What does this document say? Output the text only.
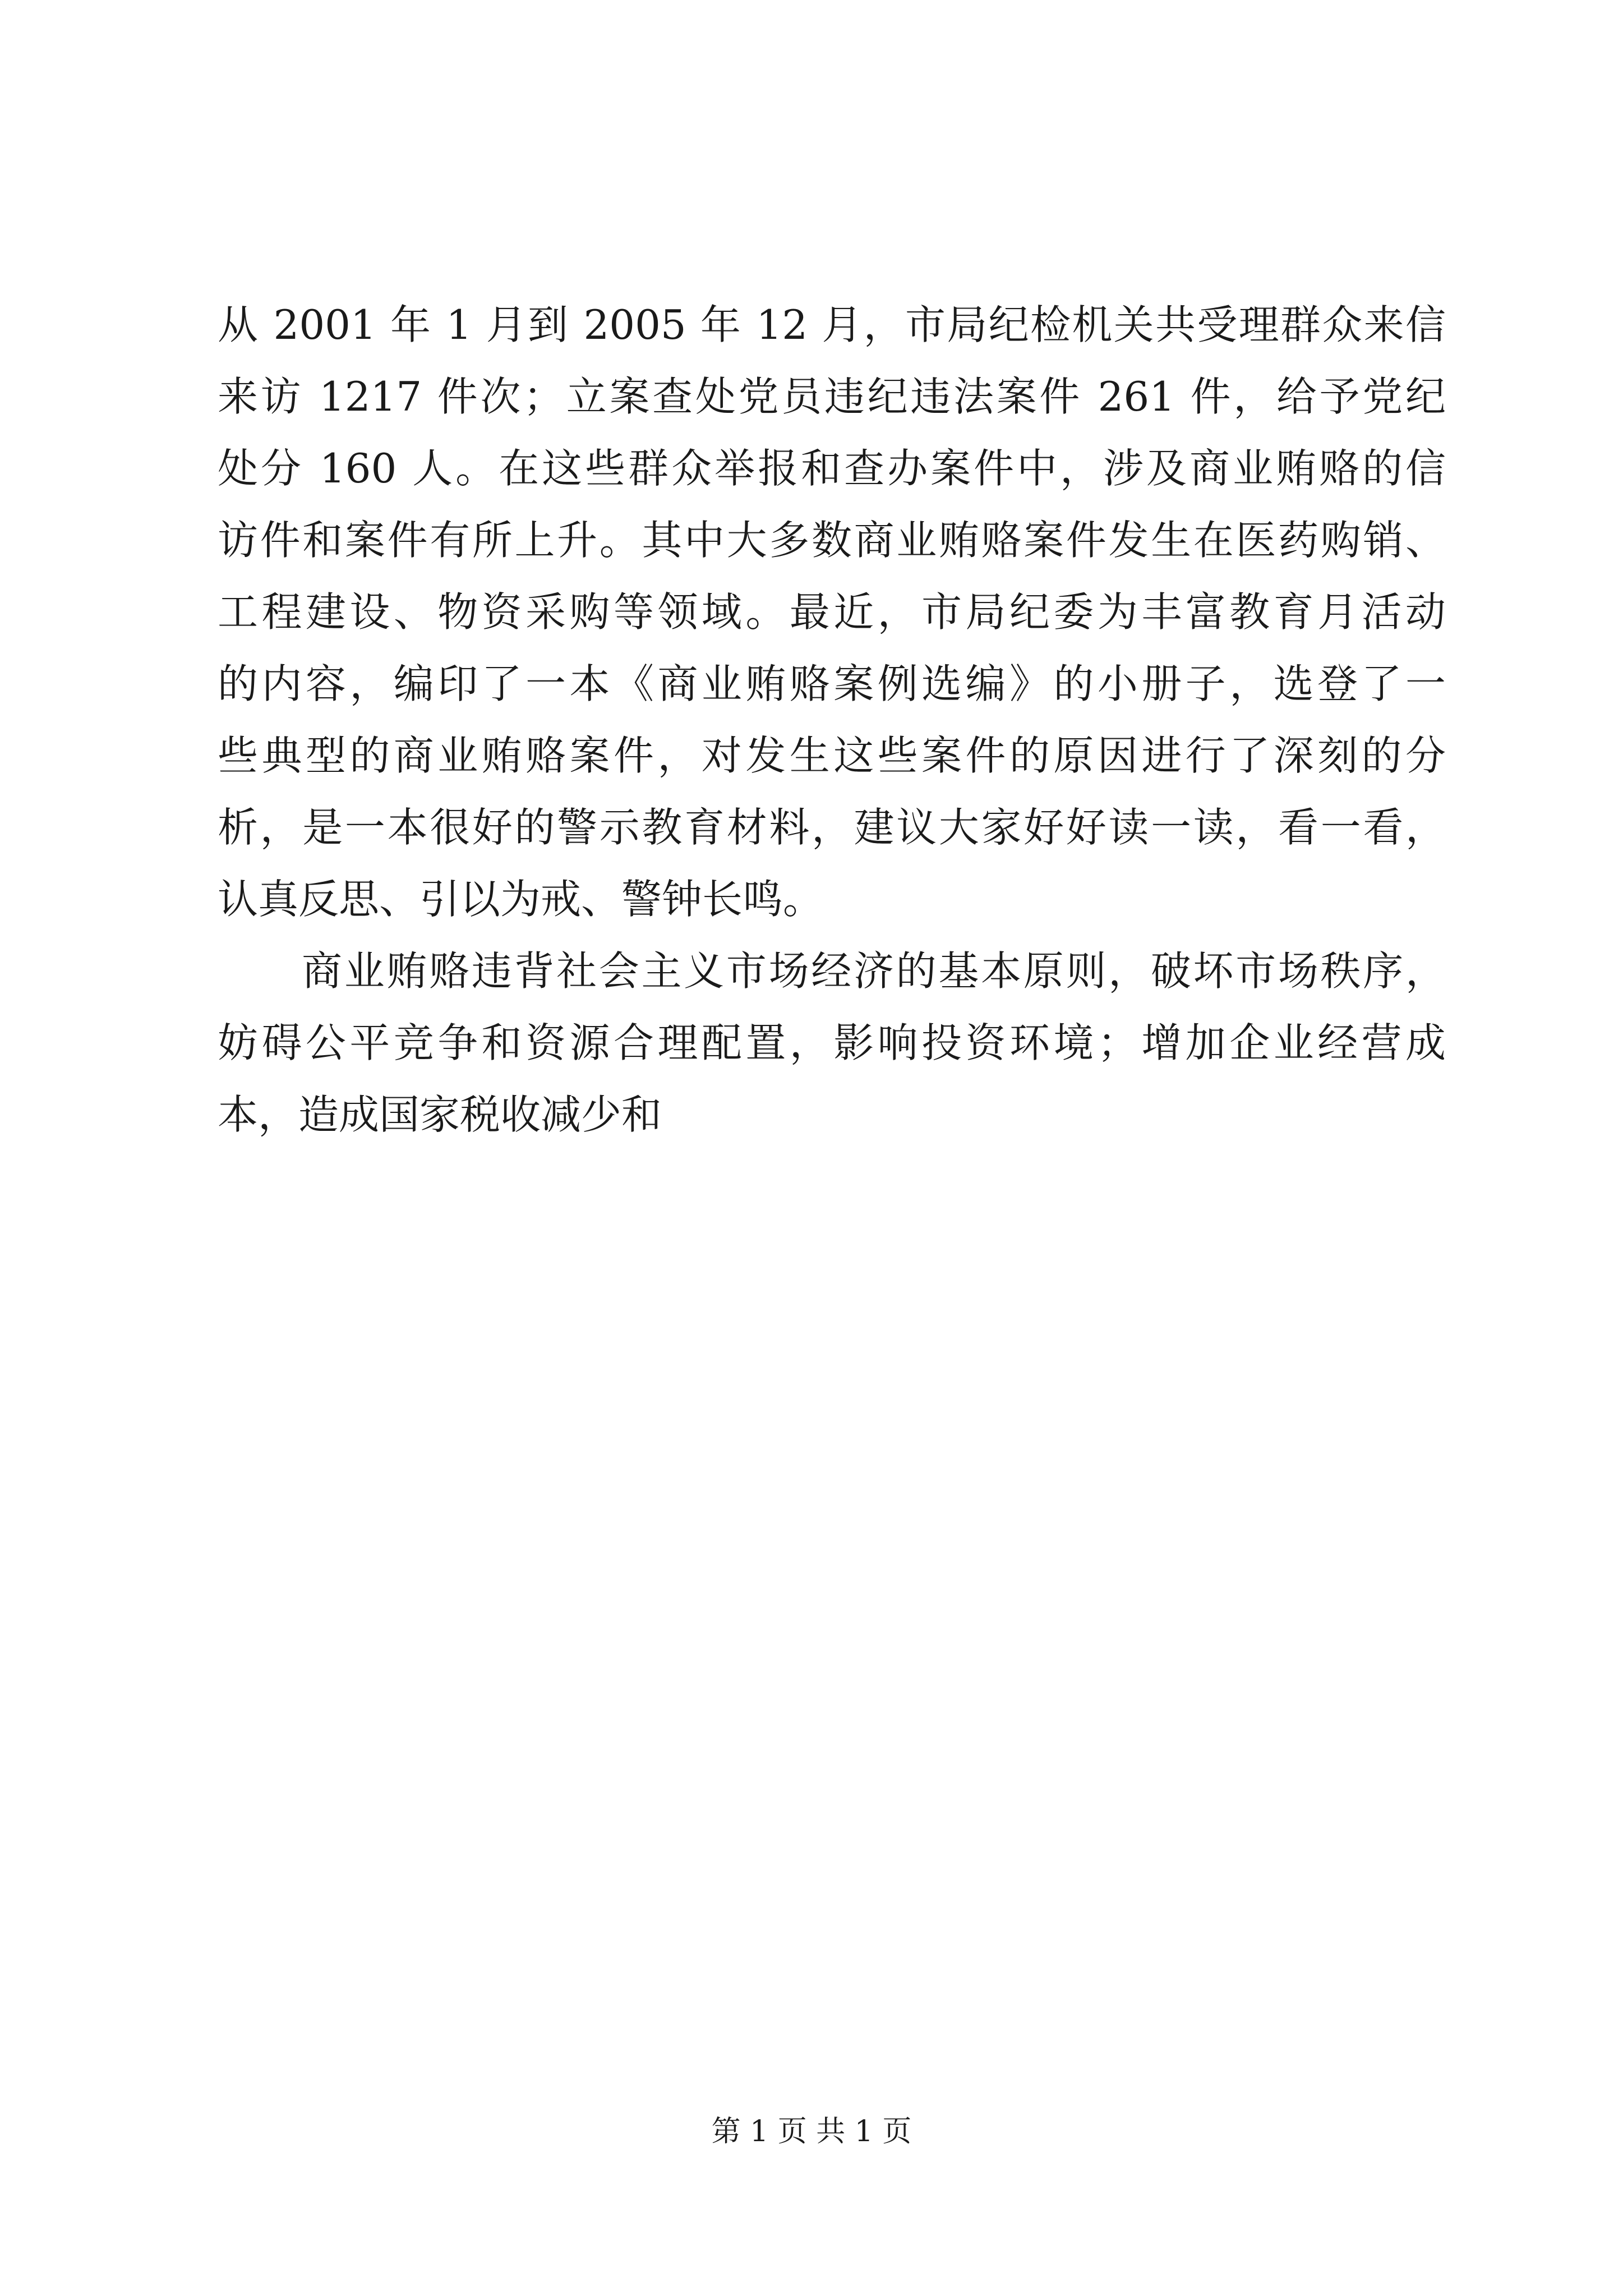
从 2001 年 1 月到 2005 年 12 月，市局纪检机关共受理群众来信
来访 1217 件次；立案查处党员违纪违法案件 261 件，给予党纪
处分 160 人。在这些群众举报和查办案件中，涉及商业贿赂的信
访件和案件有所上升。其中大多数商业贿赂案件发生在医药购销、
工程建设、物资采购等领域。最近，市局纪委为丰富教育月活动
的内容，编印了一本《商业贿赂案例选编》的小册子，选登了一
些典型的商业贿赂案件，对发生这些案件的原因进行了深刻的分
析，是一本很好的警示教育材料，建议大家好好读一读，看一看，
认真反思、引以为戒、警钟长鸣。
商业贿赂违背社会主义市场经济的基本原则，破坏市场秩序，
妨碍公平竞争和资源合理配置，影响投资环境；增加企业经营成
本，造成国家税收减少和
第 1 页 共 1 页
